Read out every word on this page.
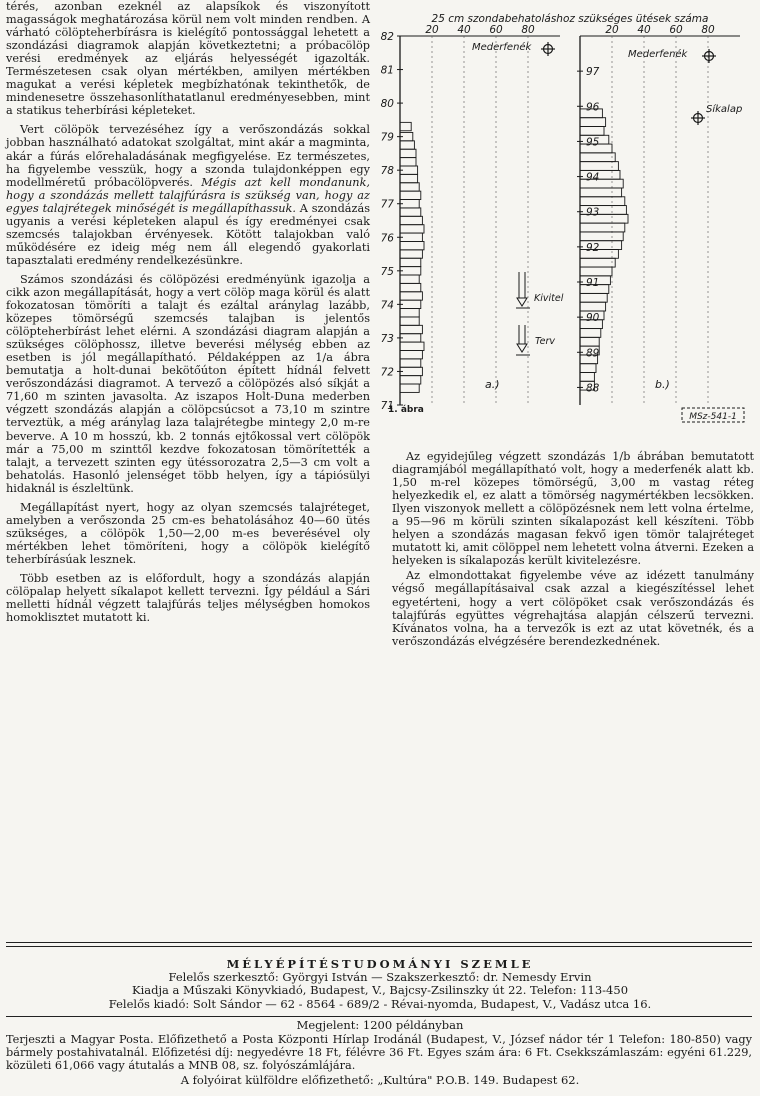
térés, azonban ezeknél az alapsíkok és viszonyított magasságok meghatározása körül nem volt minden rendben. A várható cölöpteherbírásra is kielégítő pontossággal lehetett a szondázási diagramok alapján következtetni; a próbacölöp verési eredmények az eljárás helyességét igazolták. Természetesen csak olyan mértékben, amilyen mértékben magukat a verési képletek megbízhatónak tekinthetők, de mindenesetre összehasonlíthatatlanul eredményesebben, mint a statikus teherbírási képleteket.

Vert cölöpök tervezéséhez így a verőszondázás sokkal jobban használható adatokat szolgáltat, mint akár a magminta, akár a fúrás előrehaladásának megfigyelése. Ez természetes, ha figyelembe vesszük, hogy a szonda tulajdonképpen egy modellméretű próbacölöpverés. Mégis azt kell mondanunk, hogy a szondázás mellett talajfúrásra is szükség van, hogy az egyes talajrétegek minőségét is megállapíthassuk. A szondázás ugyanis a verési képleteken alapul és így eredményei csak szemcsés talajokban érvényesek. Kötött talajokban való működésére ez ideig még nem áll elegendő gyakorlati tapasztalati eredmény rendelkezésünkre.

Számos szondázási és cölöpözési eredményünk igazolja a cikk azon megállapítását, hogy a vert cölöp maga körül és alatt fokozatosan tömöríti a talajt és ezáltal aránylag lazább, közepes tömörségű szemcsés talajban is jelentős cölöpteherbírást lehet elérni. A szondázási diagram alapján a szükséges cölöphossz, illetve beverési mélység ebben az esetben is jól megállapítható. Példaképpen az 1/a ábra bemutatja a holt-dunai bekötőúton épített hídnál felvett verőszondázási diagramot. A tervező a cölöpözés alsó síkját a 71,60 m szinten javasolta. Az iszapos Holt-Duna mederben végzett szondázás alapján a cölöpcsúcsot a 73,10 m szintre terveztük, a még aránylag laza talajrétegbe mintegy 2,0 m-re beverve. A 10 m hosszú, kb. 2 tonnás ejtőkossal vert cölöpök már a 75,00 m szinttől kezdve fokozatosan tömörítették a talajt, a tervezett szinten egy ütéssorozatra 2,5—3 cm volt a behatolás. Hasonló jelenséget több helyen, így a tápiósülyi hidaknál is észleltünk.

Megállapítást nyert, hogy az olyan szemcsés talajréteget, amelyben a verőszonda 25 cm-es behatolásához 40—60 ütés szükséges, a cölöpök 1,50—2,00 m-es beverésével oly mértékben lehet tömöríteni, hogy a cölöpök kielégítő teherbírásúak lesznek.

Több esetben az is előfordult, hogy a szondázás alapján cölöpalap helyett síkalapot kellett tervezni. Így például a Sári melletti hídnál végzett talajfúrás teljes mélységben homokos homoklisztet mutatott ki.

25 cm szondabehatoláshoz szükséges ütések száma
20 40 60 80
82
81
80
79
78
77
76
75
74
73
72
71
20 40 60 80
97
96
95
94
93
92
91
90
89
88
Mederfenék
Mederfenék
Síkalap
Kivitel
Terv
a.)	b.)
1. ábra
MSz-541-1

Az egyidejűleg végzett szondázás 1/b ábrában bemutatott diagramjából megállapítható volt, hogy a mederfenék alatt kb. 1,50 m-rel közepes tömörségű, 3,00 m vastag réteg helyezkedik el, ez alatt a tömörség nagymértékben lecsökken. Ilyen viszonyok mellett a cölöpözésnek nem lett volna értelme, a 95—96 m körüli szinten síkalapozást kell készíteni. Több helyen a szondázás magasan fekvő igen tömör talajréteget mutatott ki, amit cölöppel nem lehetett volna átverni. Ezeken a helyeken is síkalapozás került kivitelezésre.

Az elmondottakat figyelembe véve az idézett tanulmány végső megállapításaival csak azzal a kiegészítéssel lehet egyetérteni, hogy a vert cölöpöket csak verőszondázás és talajfúrás együttes végrehajtása alapján célszerű tervezni. Kívánatos volna, ha a tervezők is ezt az utat követnék, és a verőszondázás elvégzésére berendezkednének.

MÉLYÉPÍTÉSTUDOMÁNYI SZEMLE
Felelős szerkesztő: Györgyi István — Szakszerkesztő: dr. Nemesdy Ervin
Kiadja a Műszaki Könyvkiadó, Budapest, V., Bajcsy-Zsilinszky út 22. Telefon: 113-450
Felelős kiadó: Solt Sándor — 62 - 8564 - 689/2 - Révai-nyomda, Budapest, V., Vadász utca 16.
Megjelent: 1200 példányban
Terjeszti a Magyar Posta. Előfizethető a Posta Központi Hírlap Irodánál (Budapest, V., József nádor tér 1 Telefon: 180-850) vagy bármely postahivatalnál. Előfizetési díj: negyedévre 18 Ft, félévre 36 Ft. Egyes szám ára: 6 Ft. Csekkszámlaszám: egyéni 61.229, közületi 61,066 vagy átutalás a MNB 08, sz. folyószámlájára.
A folyóirat külföldre előfizethető: „Kultúra" P.O.B. 149. Budapest 62.
